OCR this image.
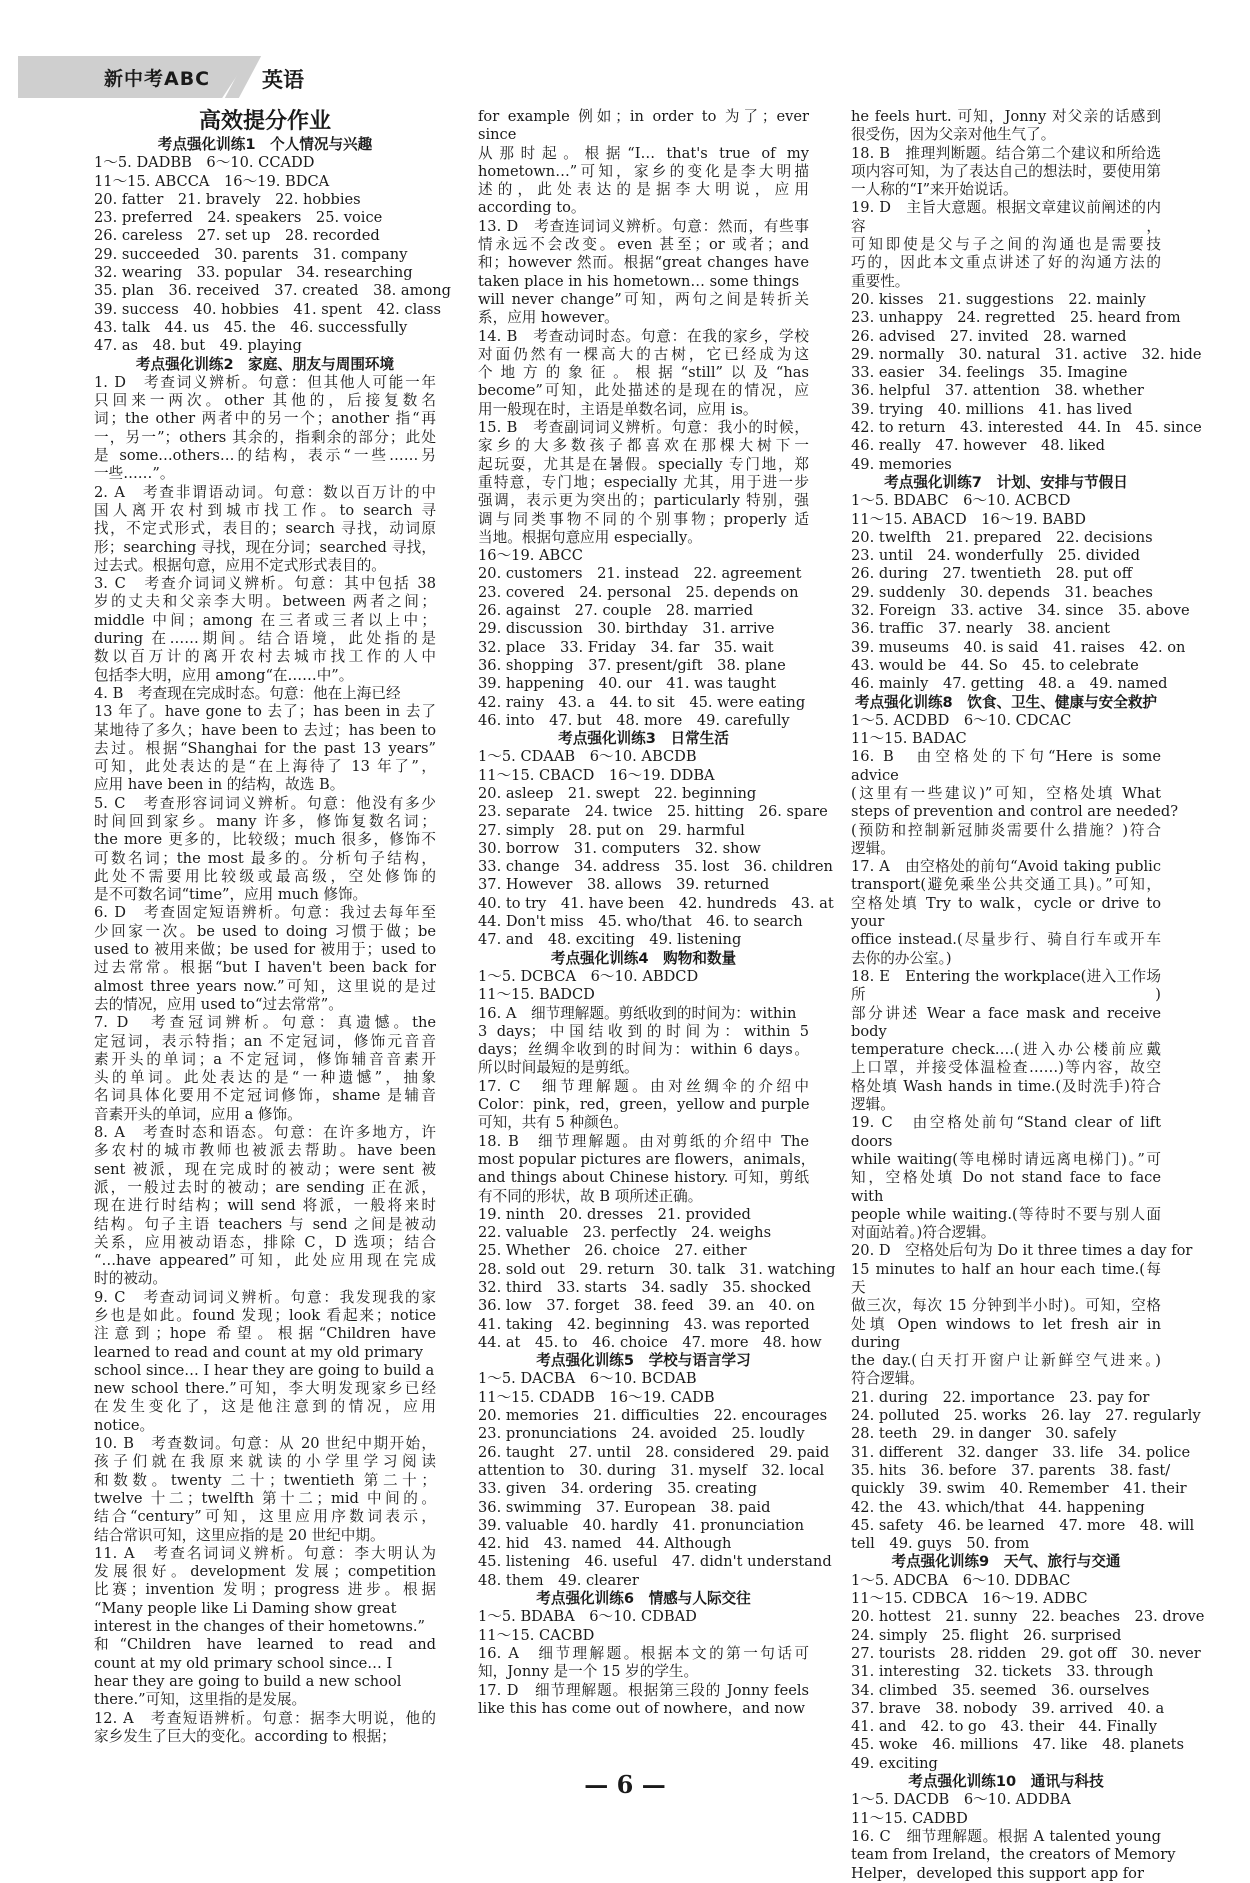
新中考ABC 英语
高效提分作业
考点强化训练1　个人情况与兴趣
1～5. DADBB　6～10. CCADD
11～15. ABCCA　16～19. BDCA
20. fatter　21. bravely　22. hobbies
23. preferred　24. speakers　25. voice
26. careless　27. set up　28. recorded
29. succeeded　30. parents　31. company
32. wearing　33. popular　34. researching
35. plan　36. received　37. created　38. among
39. success　40. hobbies　41. spent　42. class
43. talk　44. us　45. the　46. successfully
47. as　48. but　49. playing
考点强化训练2　家庭、朋友与周围环境
1. D　考查词义辨析。句意：但其他人可能一年
只回来一两次。other 其他的，后接复数名
词；the other 两者中的另一个；another 指“再
一，另一”；others 其余的，指剩余的部分；此处
是 some…others…的结构，表示“一些……另
一些……”。
2. A　考查非谓语动词。句意：数以百万计的中
国人离开农村到城市找工作。to search 寻
找，不定式形式，表目的；search 寻找，动词原
形；searching 寻找，现在分词；searched 寻找，
过去式。根据句意，应用不定式形式表目的。
3. C　考查介词词义辨析。句意：其中包括 38
岁的丈夫和父亲李大明。between 两者之间；
middle 中间；among 在三者或三者以上中；
during 在……期间。结合语境，此处指的是
数以百万计的离开农村去城市找工作的人中
包括李大明，应用 among“在……中”。
4. B　考查现在完成时态。句意：他在上海已经
13 年了。have gone to 去了；has been in 去了
某地待了多久；have been to 去过；has been to
去过。根据“Shanghai for the past 13 years”
可知，此处表达的是“在上海待了 13 年了”，
应用 have been in 的结构，故选 B。
5. C　考查形容词词义辨析。句意：他没有多少
时间回到家乡。many 许多，修饰复数名词；
the more 更多的，比较级；much 很多，修饰不
可数名词；the most 最多的。分析句子结构，
此处不需要用比较级或最高级，空处修饰的
是不可数名词“time”，应用 much 修饰。
6. D　考查固定短语辨析。句意：我过去每年至
少回家一次。be used to doing 习惯于做；be
used to 被用来做；be used for 被用于；used to
过去常常。根据“but I haven't been back for
almost three years now.”可知，这里说的是过
去的情况，应用 used to“过去常常”。
7. D　考查冠词辨析。句意：真遗憾。the
定冠词，表示特指；an 不定冠词，修饰元音音
素开头的单词；a 不定冠词，修饰辅音音素开
头的单词。此处表达的是“一种遗憾”，抽象
名词具体化要用不定冠词修饰，shame 是辅音
音素开头的单词，应用 a 修饰。
8. A　考查时态和语态。句意：在许多地方，许
多农村的城市教师也被派去帮助。have been
sent 被派，现在完成时的被动；were sent 被
派，一般过去时的被动；are sending 正在派，
现在进行时结构；will send 将派，一般将来时
结构。句子主语 teachers 与 send 之间是被动
关系，应用被动语态，排除 C，D 选项；结合
“…have appeared”可知，此处应用现在完成
时的被动。
9. C　考查动词词义辨析。句意：我发现我的家
乡也是如此。found 发现；look 看起来；notice
注意到；hope 希望。根据“Children have
learned to read and count at my old primary
school since… I hear they are going to build a
new school there.”可知，李大明发现家乡已经
在发生变化了，这是他注意到的情况，应用
notice。
10. B　考查数词。句意：从 20 世纪中期开始，
孩子们就在我原来就读的小学里学习阅读
和数数。twenty 二十；twentieth 第二十；
twelve 十二；twelfth 第十二；mid 中间的。
结合“century”可知，这里应用序数词表示，
结合常识可知，这里应指的是 20 世纪中期。
11. A　考查名词词义辨析。句意：李大明认为
发展很好。development 发展；competition
比赛；invention 发明；progress 进步。根据
“Many people like Li Daming show great
interest in the changes of their hometowns.”
和“Children have learned to read and
count at my old primary school since… I
hear they are going to build a new school
there.”可知，这里指的是发展。
12. A　考查短语辨析。句意：据李大明说，他的
家乡发生了巨大的变化。according to 根据；
for example 例如；in order to 为了；ever since
从那时起。根据“I… that's true of my
hometown…”可知，家乡的变化是李大明描
述的，此处表达的是据李大明说，应用
according to。
13. D　考查连词词义辨析。句意：然而，有些事
情永远不会改变。even 甚至；or 或者；and
和；however 然而。根据“great changes have
taken place in his hometown… some things
will never change”可知，两句之间是转折关
系，应用 however。
14. B　考查动词时态。句意：在我的家乡，学校
对面仍然有一棵高大的古树，它已经成为这
个地方的象征。根据“still”以及“has
become”可知，此处描述的是现在的情况，应
用一般现在时，主语是单数名词，应用 is。
15. B　考查副词词义辨析。句意：我小的时候，
家乡的大多数孩子都喜欢在那棵大树下一
起玩耍，尤其是在暑假。specially 专门地，郑
重特意，专门地；especially 尤其，用于进一步
强调，表示更为突出的；particularly 特别，强
调与同类事物不同的个别事物；properly 适
当地。根据句意应用 especially。
16～19. ABCC
20. customers　21. instead　22. agreement
23. covered　24. personal　25. depends on
26. against　27. couple　28. married
29. discussion　30. birthday　31. arrive
32. place　33. Friday　34. far　35. wait
36. shopping　37. present/gift　38. plane
39. happening　40. our　41. was taught
42. rainy　43. a　44. to sit　45. were eating
46. into　47. but　48. more　49. carefully
考点强化训练3　日常生活
1～5. CDAAB　6～10. ABCDB
11～15. CBACD　16～19. DDBA
20. asleep　21. swept　22. beginning
23. separate　24. twice　25. hitting　26. spare
27. simply　28. put on　29. harmful
30. borrow　31. computers　32. show
33. change　34. address　35. lost　36. children
37. However　38. allows　39. returned
40. to try　41. have been　42. hundreds　43. at
44. Don't miss　45. who/that　46. to search
47. and　48. exciting　49. listening
考点强化训练4　购物和数量
1～5. DCBCA　6～10. ABDCD
11～15. BADCD
16. A　细节理解题。剪纸收到的时间为：within
3 days；中国结收到的时间为：within 5
days；丝绸伞收到的时间为：within 6 days。
所以时间最短的是剪纸。
17. C　细节理解题。由对丝绸伞的介绍中
Color：pink，red，green，yellow and purple
可知，共有 5 种颜色。
18. B　细节理解题。由对剪纸的介绍中 The
most popular pictures are flowers，animals，
and things about Chinese history. 可知，剪纸
有不同的形状，故 B 项所述正确。
19. ninth　20. dresses　21. provided
22. valuable　23. perfectly　24. weighs
25. Whether　26. choice　27. either
28. sold out　29. return　30. talk　31. watching
32. third　33. starts　34. sadly　35. shocked
36. low　37. forget　38. feed　39. an　40. on
41. taking　42. beginning　43. was reported
44. at　45. to　46. choice　47. more　48. how
考点强化训练5　学校与语言学习
1～5. DACBA　6～10. BCDAB
11～15. CDADB　16～19. CADB
20. memories　21. difficulties　22. encourages
23. pronunciations　24. avoided　25. loudly
26. taught　27. until　28. considered　29. paid
attention to　30. during　31. myself　32. local
33. given　34. ordering　35. creating
36. swimming　37. European　38. paid
39. valuable　40. hardly　41. pronunciation
42. hid　43. named　44. Although
45. listening　46. useful　47. didn't understand
48. them　49. clearer
考点强化训练6　情感与人际交往
1～5. BDABA　6～10. CDBAD
11～15. CACBD
16. A　细节理解题。根据本文的第一句话可
知，Jonny 是一个 15 岁的学生。
17. D　细节理解题。根据第三段的 Jonny feels
like this has come out of nowhere，and now
he feels hurt. 可知，Jonny 对父亲的话感到
很受伤，因为父亲对他生气了。
18. B　推理判断题。结合第二个建议和所给选
项内容可知，为了表达自己的想法时，要使用第
一人称的“I”来开始说话。
19. D　主旨大意题。根据文章建议前阐述的内容，
可知即使是父与子之间的沟通也是需要技
巧的，因此本文重点讲述了好的沟通方法的
重要性。
20. kisses　21. suggestions　22. mainly
23. unhappy　24. regretted　25. heard from
26. advised　27. invited　28. warned
29. normally　30. natural　31. active　32. hide
33. easier　34. feelings　35. Imagine
36. helpful　37. attention　38. whether
39. trying　40. millions　41. has lived
42. to return　43. interested　44. In　45. since
46. really　47. however　48. liked
49. memories
考点强化训练7　计划、安排与节假日
1～5. BDABC　6～10. ACBCD
11～15. ABACD　16～19. BABD
20. twelfth　21. prepared　22. decisions
23. until　24. wonderfully　25. divided
26. during　27. twentieth　28. put off
29. suddenly　30. depends　31. beaches
32. Foreign　33. active　34. since　35. above
36. traffic　37. nearly　38. ancient
39. museums　40. is said　41. raises　42. on
43. would be　44. So　45. to celebrate
46. mainly　47. getting　48. a　49. named
考点强化训练8　饮食、卫生、健康与安全救护
1～5. ACDBD　6～10. CDCAC
11～15. BADAC
16. B　由空格处的下句“Here is some advice
(这里有一些建议)”可知，空格处填 What
steps of prevention and control are needed?
(预防和控制新冠肺炎需要什么措施？)符合
逻辑。
17. A　由空格处的前句“Avoid taking public
transport(避免乘坐公共交通工具)。”可知，
空格处填 Try to walk，cycle or drive to your
office instead.(尽量步行、骑自行车或开车
去你的办公室。)
18. E　Entering the workplace(进入工作场所)
部分讲述 Wear a face mask and receive body
temperature check….(进入办公楼前应戴
上口罩，并接受体温检查……)等内容，故空
格处填 Wash hands in time.(及时洗手)符合
逻辑。
19. C　由空格处前句“Stand clear of lift doors
while waiting(等电梯时请远离电梯门)。”可
知，空格处填 Do not stand face to face with
people while waiting.(等待时不要与别人面
对面站着。)符合逻辑。
20. D　空格处后句为 Do it three times a day for
15 minutes to half an hour each time.(每天
做三次，每次 15 分钟到半小时)。可知，空格
处填 Open windows to let fresh air in during
the day.(白天打开窗户让新鲜空气进来。)
符合逻辑。
21. during　22. importance　23. pay for
24. polluted　25. works　26. lay　27. regularly
28. teeth　29. in danger　30. safely
31. different　32. danger　33. life　34. police
35. hits　36. before　37. parents　38. fast/
quickly　39. swim　40. Remember　41. their
42. the　43. which/that　44. happening
45. safety　46. be learned　47. more　48. will
tell　49. guys　50. from
考点强化训练9　天气、旅行与交通
1～5. ADCBA　6～10. DDBAC
11～15. CDBCA　16～19. ADBC
20. hottest　21. sunny　22. beaches　23. drove
24. simply　25. flight　26. surprised
27. tourists　28. ridden　29. got off　30. never
31. interesting　32. tickets　33. through
34. climbed　35. seemed　36. ourselves
37. brave　38. nobody　39. arrived　40. a
41. and　42. to go　43. their　44. Finally
45. woke　46. millions　47. like　48. planets
49. exciting
考点强化训练10　通讯与科技
1～5. DACDB　6～10. ADDBA
11～15. CADBD
16. C　细节理解题。根据 A talented young
team from Ireland，the creators of Memory
Helper，developed this support app for
— 6 —
